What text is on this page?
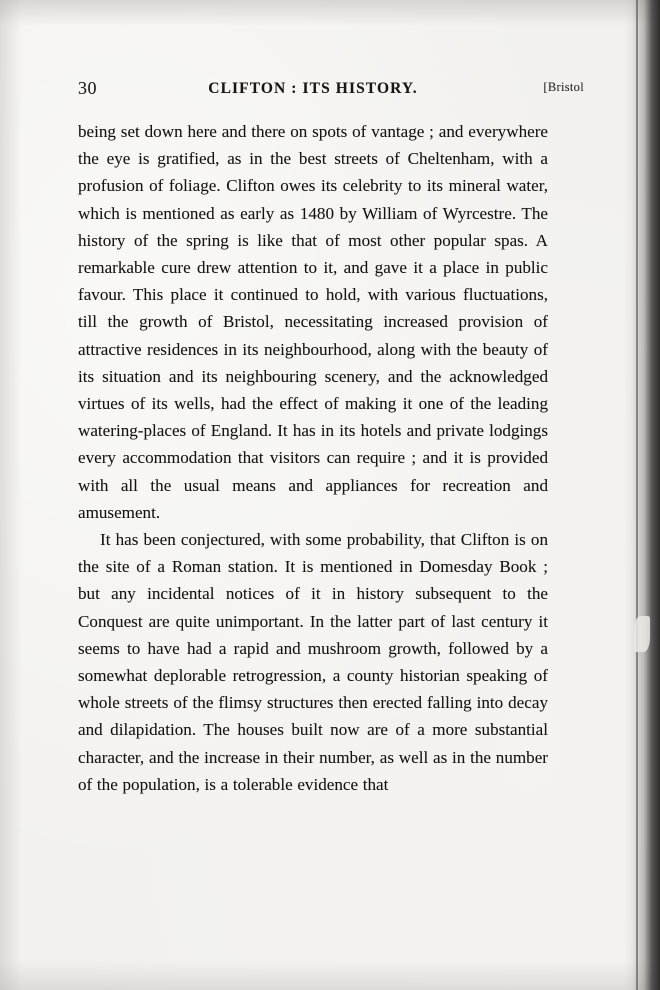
30	CLIFTON : ITS HISTORY.	[Bristol

being set down here and there on spots of vantage ; and everywhere the eye is gratified, as in the best streets of Cheltenham, with a profusion of foliage. Clifton owes its celebrity to its mineral water, which is mentioned as early as 1480 by William of Wyrcestre. The history of the spring is like that of most other popular spas. A remarkable cure drew attention to it, and gave it a place in public favour. This place it continued to hold, with various fluctuations, till the growth of Bristol, necessitating increased provision of attractive residences in its neighbourhood, along with the beauty of its situation and its neighbouring scenery, and the acknowledged virtues of its wells, had the effect of making it one of the leading watering-places of England. It has in its hotels and private lodgings every accommodation that visitors can require ; and it is provided with all the usual means and appliances for recreation and amusement.

It has been conjectured, with some probability, that Clifton is on the site of a Roman station. It is mentioned in Domesday Book ; but any incidental notices of it in history subsequent to the Conquest are quite unimportant. In the latter part of last century it seems to have had a rapid and mushroom growth, followed by a somewhat deplorable retrogression, a county historian speaking of whole streets of the flimsy structures then erected falling into decay and dilapidation. The houses built now are of a more substantial character, and the increase in their number, as well as in the number of the population, is a tolerable evidence that
